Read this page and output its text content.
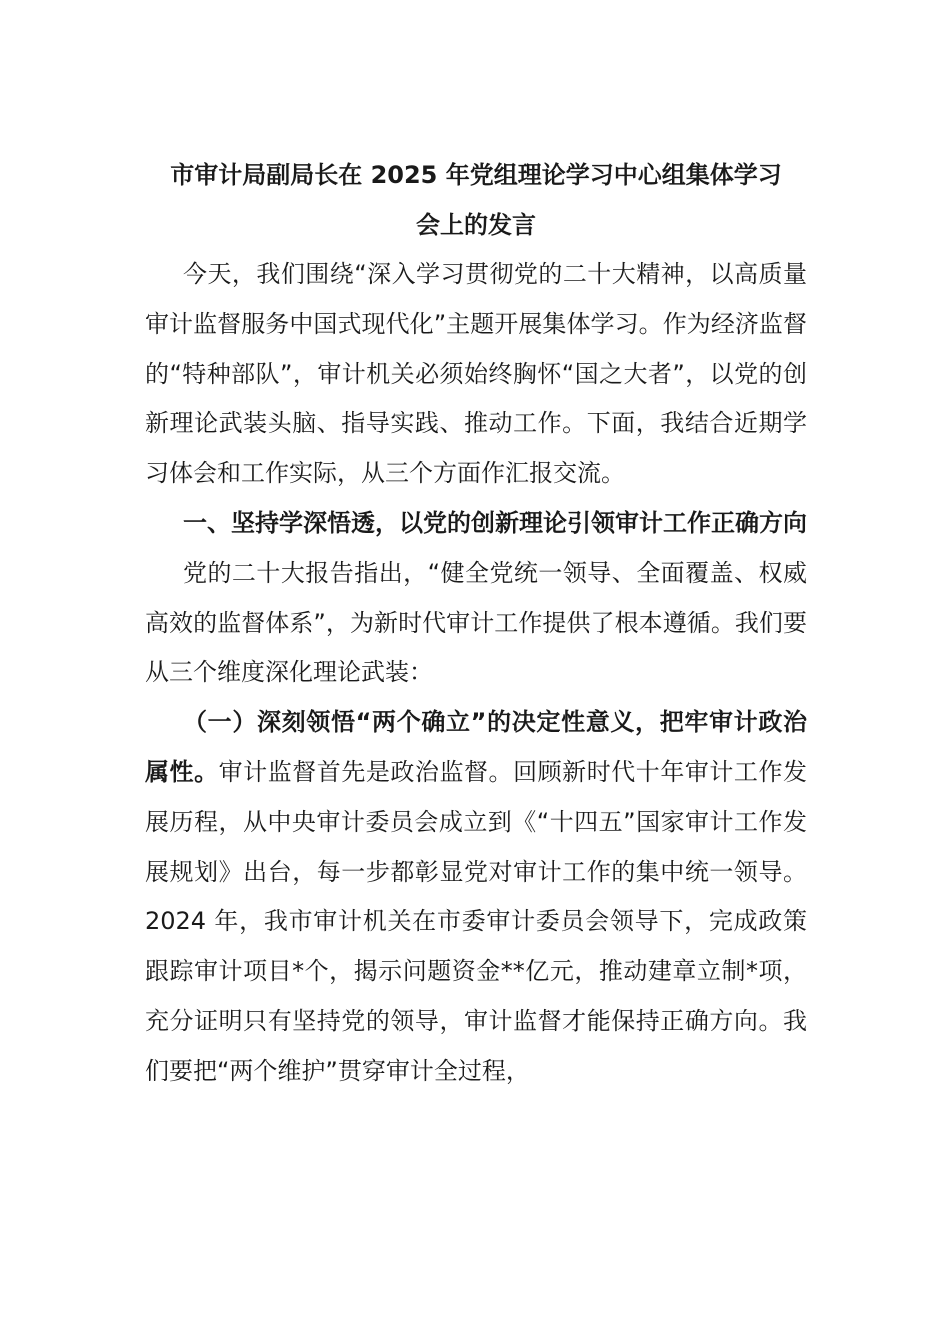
市审计局副局长在 2025 年党组理论学习中心组集体学习
会上的发言

今天，我们围绕“深入学习贯彻党的二十大精神，以高质量审计监督服务中国式现代化”主题开展集体学习。作为经济监督的“特种部队”，审计机关必须始终胸怀“国之大者”，以党的创新理论武装头脑、指导实践、推动工作。下面，我结合近期学习体会和工作实际，从三个方面作汇报交流。

一、坚持学深悟透，以党的创新理论引领审计工作正确方向

党的二十大报告指出，“健全党统一领导、全面覆盖、权威高效的监督体系”，为新时代审计工作提供了根本遵循。我们要从三个维度深化理论武装：

（一）深刻领悟“两个确立”的决定性意义，把牢审计政治属性。审计监督首先是政治监督。回顾新时代十年审计工作发展历程，从中央审计委员会成立到《“十四五”国家审计工作发展规划》出台，每一步都彰显党对审计工作的集中统一领导。2024 年，我市审计机关在市委审计委员会领导下，完成政策跟踪审计项目*个，揭示问题资金**亿元，推动建章立制*项，充分证明只有坚持党的领导，审计监督才能保持正确方向。我们要把“两个维护”贯穿审计全过程，
